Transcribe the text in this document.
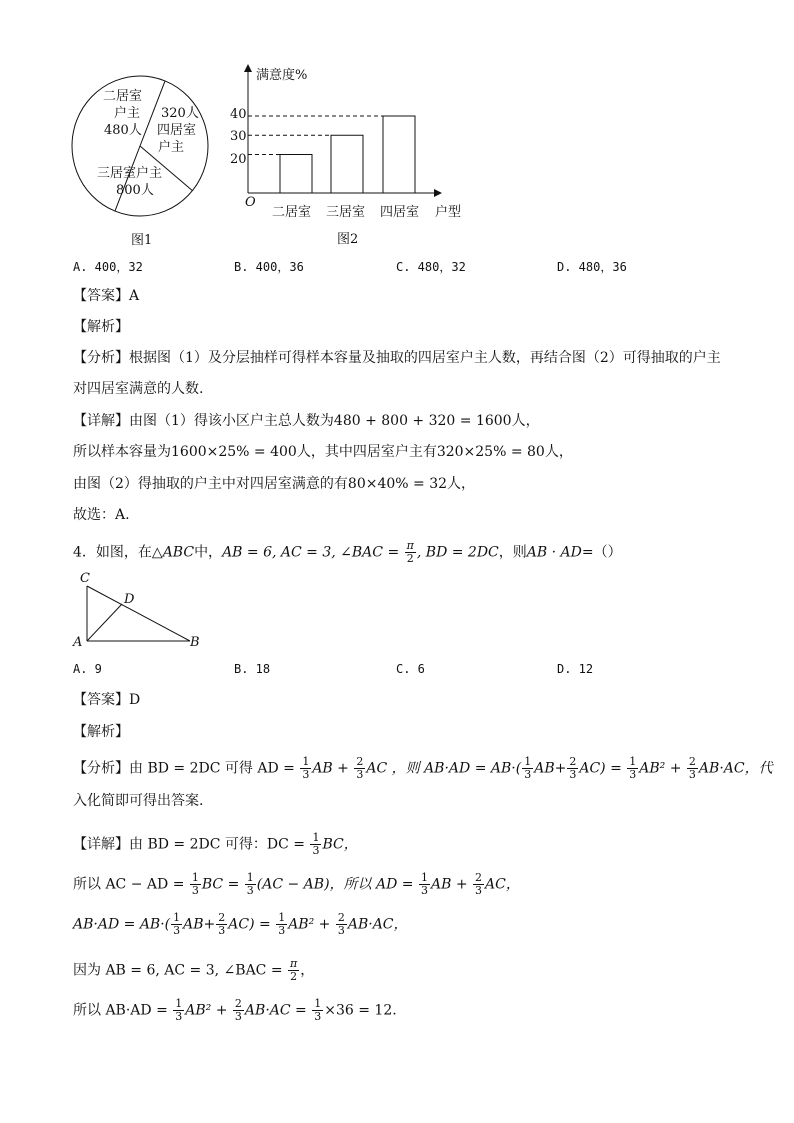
二居室
户主
480人
320人
四居室
户主
三居室户主
800人
图1
满意度%
40
30
20
O
二居室 三居室 四居室 户型
图2
A. 400，32	B. 400，36	C. 480，32	D. 480，36
【答案】A
【解析】
【分析】根据图（1）及分层抽样可得样本容量及抽取的四居室户主人数，再结合图（2）可得抽取的户主
对四居室满意的人数.
【详解】由图（1）得该小区户主总人数为480 + 800 + 320 = 1600人，
所以样本容量为1600×25% = 400人，其中四居室户主有320×25% = 80人，
由图（2）得抽取的户主中对四居室满意的有80×40% = 32人，
故选：A.
4．如图，在△ABC中，AB = 6, AC = 3, ∠BAC = $\frac{\pi}{2}$ , BD = 2DC，则AB · AD=（）
C
D
A	B
A. 9	B. 18	C. 6	D. 12
【答案】D
【解析】
【分析】由 BD = 2DC 可得 AD = $\frac{1}{3}$ AB + $\frac{2}{3}$ AC ，则 $AB\cdot AD = AB\cdot( \frac{1}{3} AB+ \frac{2}{3} AC) = \frac{1}{3} AB^2 + \frac{2}{3} AB\cdot AC$，代
入化简即可得出答案.
【详解】由 BD = 2DC 可得：DC = $\frac{1}{3}$ BC，
所以 AC − AD = $\frac{1}{3}$ BC = $\frac{1}{3} (AC - AB)$，所以 AD = $\frac{1}{3}$ AB + $\frac{2}{3}$ AC，
$AB\cdot AD = AB\cdot( \frac{1}{3} AB+ \frac{2}{3} AC) = \frac{1}{3} AB^2 + \frac{2}{3} AB\cdot AC$，
因为 AB = 6, AC = 3, ∠BAC = $\frac{\pi}{2}$ ，
所以 $AB\cdot AD = \frac{1}{3} AB^2 + \frac{2}{3} AB\cdot AC = \frac{1}{3} \times 36 = 12$.
